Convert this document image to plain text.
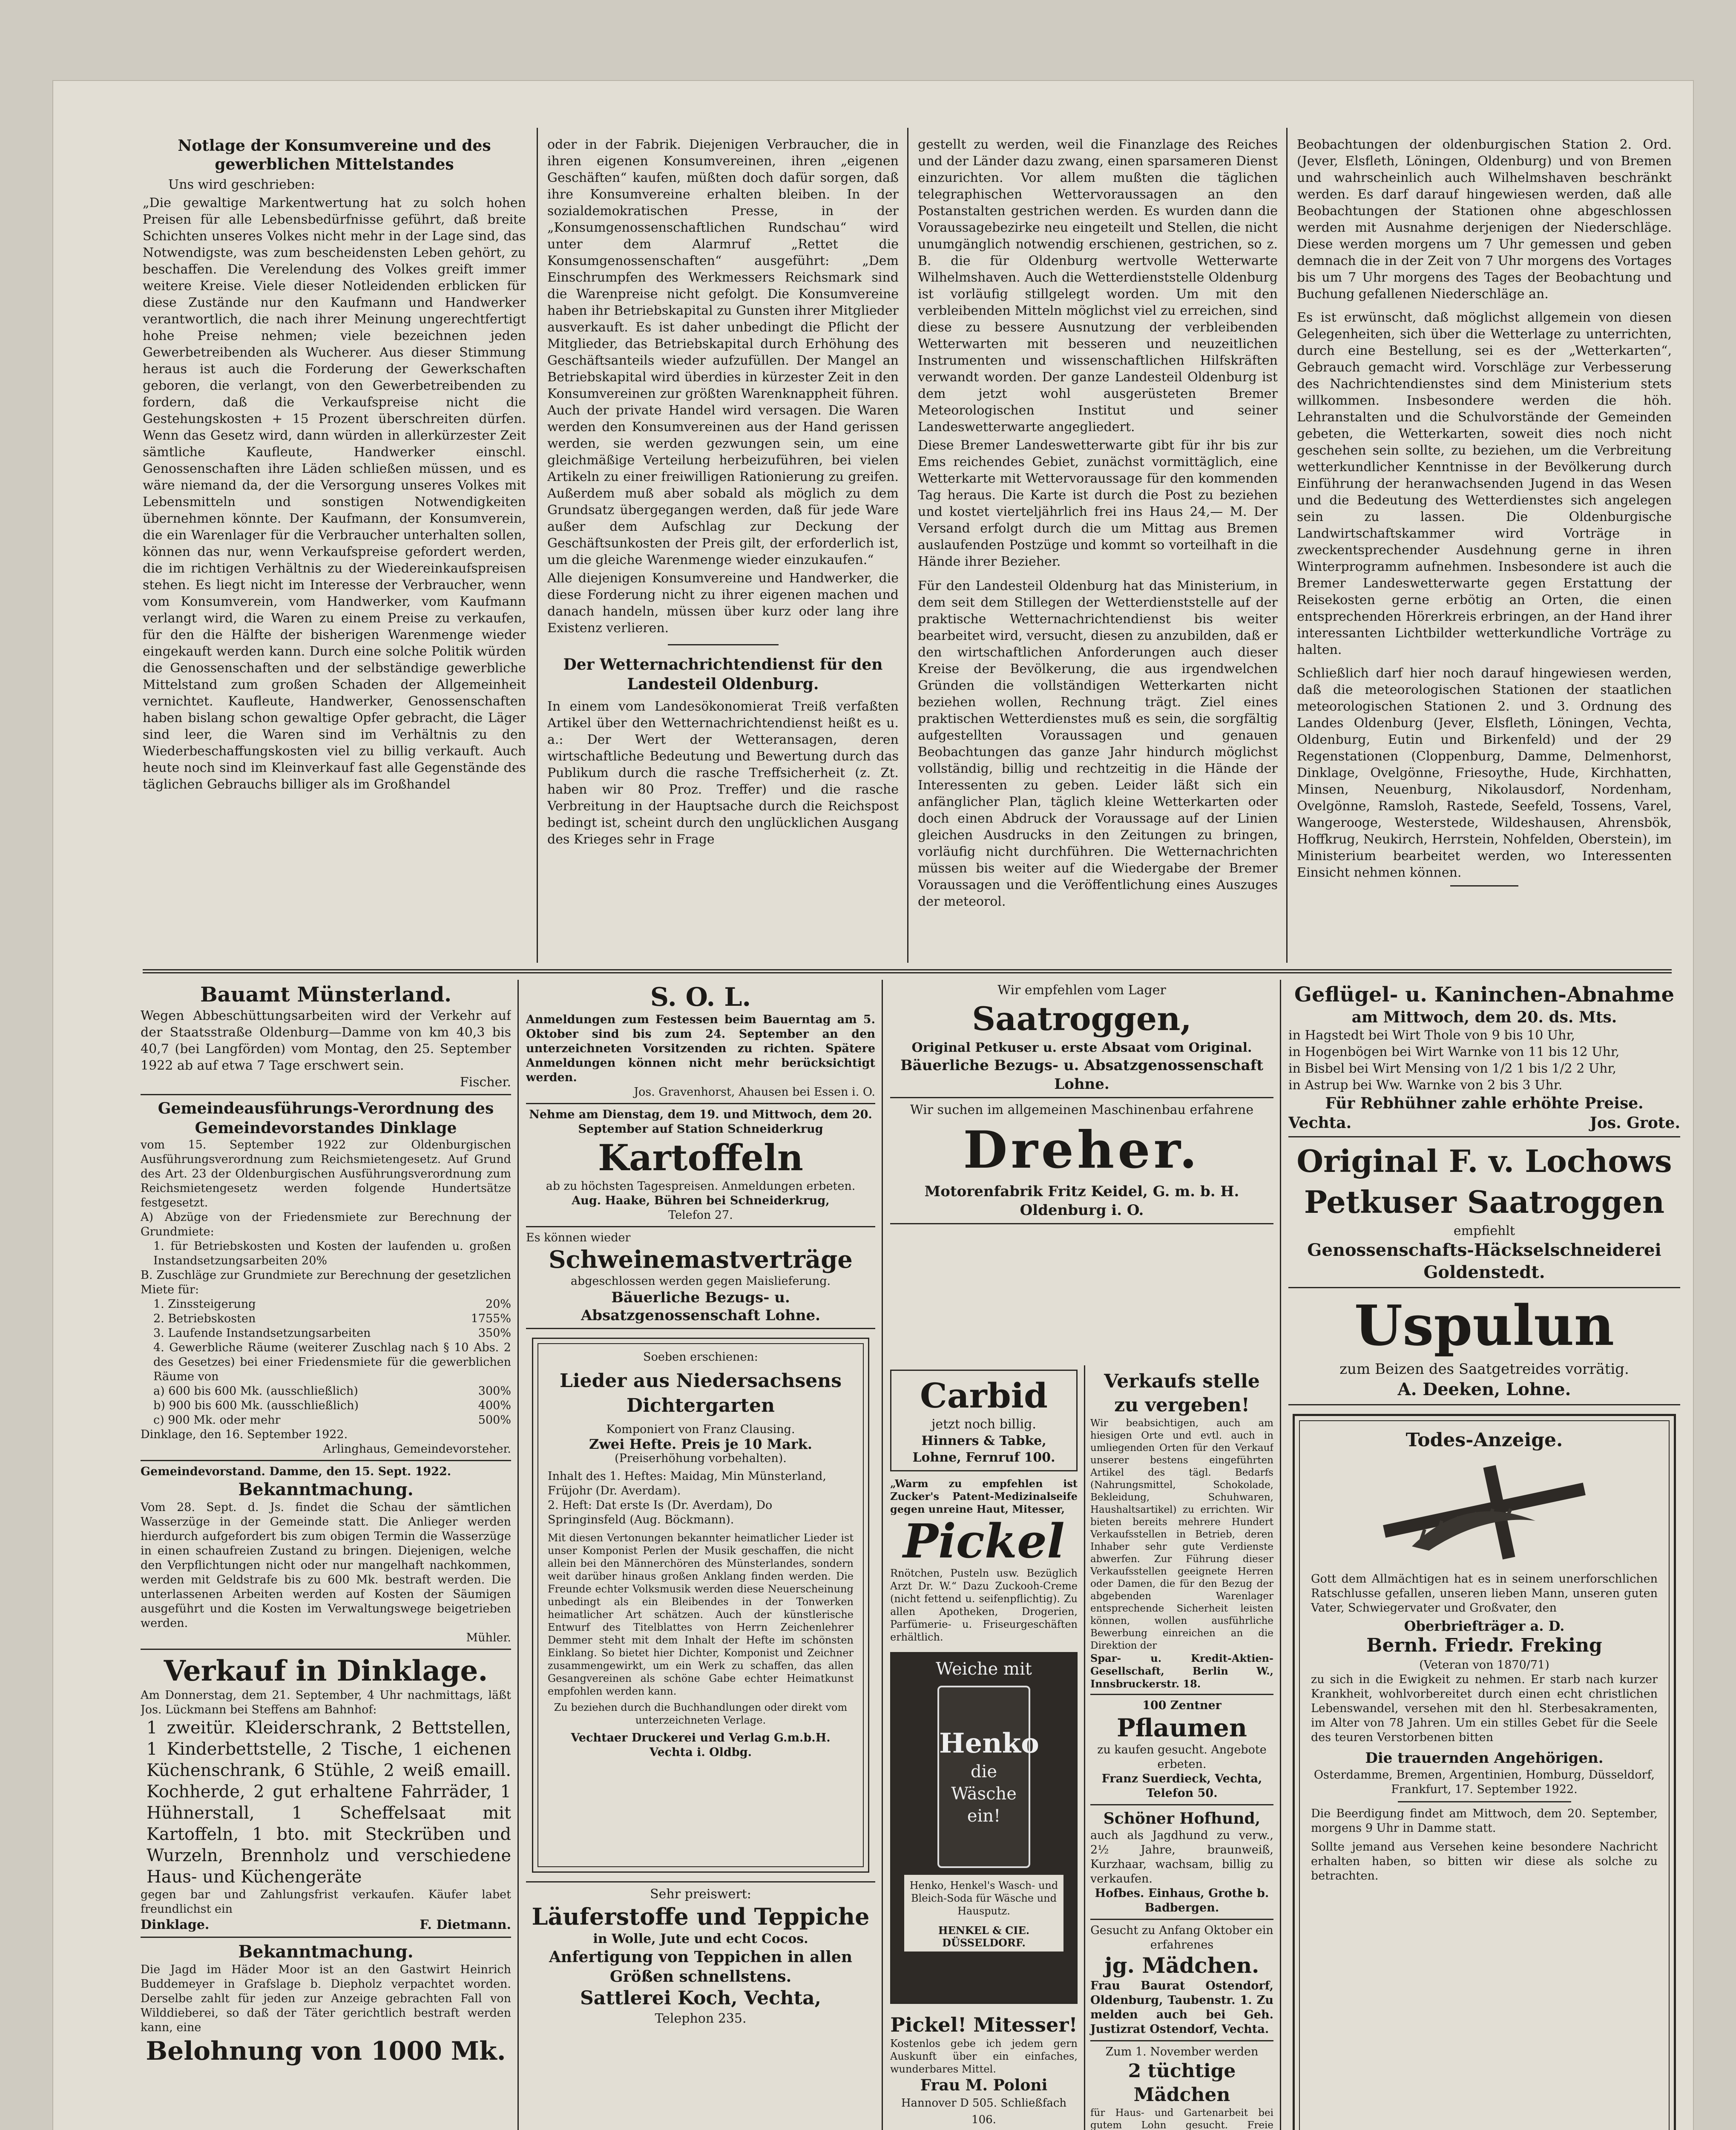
Notlage der Konsumvereine und des gewerblichen Mittelstandes

Uns wird geschrieben:

„Die gewaltige Markentwertung hat zu solch hohen Preisen für alle Lebensbedürfnisse geführt, daß breite Schichten unseres Volkes nicht mehr in der Lage sind, das Notwendigste, was zum bescheidensten Leben gehört, zu beschaffen. Die Verelendung des Volkes greift immer weitere Kreise. Viele dieser Notleidenden erblicken für diese Zustände nur den Kaufmann und Handwerker verantwortlich, die nach ihrer Meinung ungerechtfertigt hohe Preise nehmen; viele bezeichnen jeden Gewerbetreibenden als Wucherer. Aus dieser Stimmung heraus ist auch die Forderung der Gewerkschaften geboren, die verlangt, von den Gewerbetreibenden zu fordern, daß die Verkaufspreise nicht die Gestehungskosten + 15 Prozent überschreiten dürfen. Wenn das Gesetz wird, dann würden in allerkürzester Zeit sämtliche Kaufleute, Handwerker einschl. Genossenschaften ihre Läden schließen müssen, und es wäre niemand da, der die Versorgung unseres Volkes mit Lebensmitteln und sonstigen Notwendigkeiten übernehmen könnte. Der Kaufmann, der Konsumverein, die ein Warenlager für die Verbraucher unterhalten sollen, können das nur, wenn Verkaufspreise gefordert werden, die im richtigen Verhältnis zu der Wiedereinkaufspreisen stehen. Es liegt nicht im Interesse der Verbraucher, wenn vom Konsumverein, vom Handwerker, vom Kaufmann verlangt wird, die Waren zu einem Preise zu verkaufen, für den die Hälfte der bisherigen Warenmenge wieder eingekauft werden kann. Durch eine solche Politik würden die Genossenschaften und der selbständige gewerbliche Mittelstand zum großen Schaden der Allgemeinheit vernichtet. Kaufleute, Handwerker, Genossenschaften haben bislang schon gewaltige Opfer gebracht, die Läger sind leer, die Waren sind im Verhältnis zu den Wiederbeschaffungskosten viel zu billig verkauft. Auch heute noch sind im Kleinverkauf fast alle Gegenstände des täglichen Gebrauchs billiger als im Großhandel

oder in der Fabrik. Diejenigen Verbraucher, die in ihren eigenen Konsumvereinen, ihren „eigenen Geschäften“ kaufen, müßten doch dafür sorgen, daß ihre Konsumvereine erhalten bleiben. In der sozialdemokratischen Presse, in der „Konsumgenossenschaftlichen Rundschau“ wird unter dem Alarmruf „Rettet die Konsumgenossenschaften“ ausgeführt: „Dem Einschrumpfen des Werkmessers Reichsmark sind die Warenpreise nicht gefolgt. Die Konsumvereine haben ihr Betriebskapital zu Gunsten ihrer Mitglieder ausverkauft. Es ist daher unbedingt die Pflicht der Mitglieder, das Betriebskapital durch Erhöhung des Geschäftsanteils wieder aufzufüllen. Der Mangel an Betriebskapital wird überdies in kürzester Zeit in den Konsumvereinen zur größten Warenknappheit führen. Auch der private Handel wird versagen. Die Waren werden den Konsumvereinen aus der Hand gerissen werden, sie werden gezwungen sein, um eine gleichmäßige Verteilung herbeizuführen, bei vielen Artikeln zu einer freiwilligen Rationierung zu greifen. Außerdem muß aber sobald als möglich zu dem Grundsatz übergegangen werden, daß für jede Ware außer dem Aufschlag zur Deckung der Geschäftsunkosten der Preis gilt, der erforderlich ist, um die gleiche Warenmenge wieder einzukaufen.“

Alle diejenigen Konsumvereine und Handwerker, die diese Forderung nicht zu ihrer eigenen machen und danach handeln, müssen über kurz oder lang ihre Existenz verlieren.

Der Wetternachrichtendienst für den Landesteil Oldenburg.

In einem vom Landesökonomierat Treiß verfaßten Artikel über den Wetternachrichtendienst heißt es u. a.: Der Wert der Wetteransagen, deren wirtschaftliche Bedeutung und Bewertung durch das Publikum durch die rasche Treffsicherheit (z. Zt. haben wir 80 Proz. Treffer) und die rasche Verbreitung in der Hauptsache durch die Reichspost bedingt ist, scheint durch den unglücklichen Ausgang des Krieges sehr in Frage

gestellt zu werden, weil die Finanzlage des Reiches und der Länder dazu zwang, einen sparsameren Dienst einzurichten. Vor allem mußten die täglichen telegraphischen Wettervoraussagen an den Postanstalten gestrichen werden. Es wurden dann die Voraussagebezirke neu eingeteilt und Stellen, die nicht unumgänglich notwendig erschienen, gestrichen, so z. B. die für Oldenburg wertvolle Wetterwarte Wilhelmshaven. Auch die Wetterdienststelle Oldenburg ist vorläufig stillgelegt worden. Um mit den verbleibenden Mitteln möglichst viel zu erreichen, sind diese zu bessere Ausnutzung der verbleibenden Wetterwarten mit besseren und neuzeitlichen Instrumenten und wissenschaftlichen Hilfskräften verwandt worden. Der ganze Landesteil Oldenburg ist dem jetzt wohl ausgerüsteten Bremer Meteorologischen Institut und seiner Landeswetterwarte angegliedert.

Diese Bremer Landeswetterwarte gibt für ihr bis zur Ems reichendes Gebiet, zunächst vormittäglich, eine Wetterkarte mit Wettervoraussage für den kommenden Tag heraus. Die Karte ist durch die Post zu beziehen und kostet vierteljährlich frei ins Haus 24,— M. Der Versand erfolgt durch die um Mittag aus Bremen auslaufenden Postzüge und kommt so vorteilhaft in die Hände ihrer Bezieher.

Für den Landesteil Oldenburg hat das Ministerium, in dem seit dem Stillegen der Wetterdienststelle auf der praktische Wetternachrichtendienst bis weiter bearbeitet wird, versucht, diesen zu anzubilden, daß er den wirtschaftlichen Anforderungen auch dieser Kreise der Bevölkerung, die aus irgendwelchen Gründen die vollständigen Wetterkarten nicht beziehen wollen, Rechnung trägt. Ziel eines praktischen Wetterdienstes muß es sein, die sorgfältig aufgestellten Voraussagen und genauen Beobachtungen das ganze Jahr hindurch möglichst vollständig, billig und rechtzeitig in die Hände der Interessenten zu geben. Leider läßt sich ein anfänglicher Plan, täglich kleine Wetterkarten oder doch einen Abdruck der Voraussage auf der Linien gleichen Ausdrucks in den Zeitungen zu bringen, vorläufig nicht durchführen. Die Wetternachrichten müssen bis weiter auf die Wiedergabe der Bremer Voraussagen und die Veröffentlichung eines Auszuges der meteorol.

Beobachtungen der oldenburgischen Station 2. Ord. (Jever, Elsfleth, Löningen, Oldenburg) und von Bremen und wahrscheinlich auch Wilhelmshaven beschränkt werden. Es darf darauf hingewiesen werden, daß alle Beobachtungen der Stationen ohne abgeschlossen werden mit Ausnahme derjenigen der Niederschläge. Diese werden morgens um 7 Uhr gemessen und geben demnach die in der Zeit von 7 Uhr morgens des Vortages bis um 7 Uhr morgens des Tages der Beobachtung und Buchung gefallenen Niederschläge an.

Es ist erwünscht, daß möglichst allgemein von diesen Gelegenheiten, sich über die Wetterlage zu unterrichten, durch eine Bestellung, sei es der „Wetterkarten“, Gebrauch gemacht wird. Vorschläge zur Verbesserung des Nachrichtendienstes sind dem Ministerium stets willkommen. Insbesondere werden die höh. Lehranstalten und die Schulvorstände der Gemeinden gebeten, die Wetterkarten, soweit dies noch nicht geschehen sein sollte, zu beziehen, um die Verbreitung wetterkundlicher Kenntnisse in der Bevölkerung durch Einführung der heranwachsenden Jugend in das Wesen und die Bedeutung des Wetterdienstes sich angelegen sein zu lassen. Die Oldenburgische Landwirtschaftskammer wird Vorträge in zweckentsprechender Ausdehnung gerne in ihren Winterprogramm aufnehmen. Insbesondere ist auch die Bremer Landeswetterwarte gegen Erstattung der Reisekosten gerne erbötig an Orten, die einen entsprechenden Hörerkreis erbringen, an der Hand ihrer interessanten Lichtbilder wetterkundliche Vorträge zu halten.

Schließlich darf hier noch darauf hingewiesen werden, daß die meteorologischen Stationen der staatlichen meteorologischen Stationen 2. und 3. Ordnung des Landes Oldenburg (Jever, Elsfleth, Löningen, Vechta, Oldenburg, Eutin und Birkenfeld) und der 29 Regenstationen (Cloppenburg, Damme, Delmenhorst, Dinklage, Ovelgönne, Friesoythe, Hude, Kirchhatten, Minsen, Neuenburg, Nikolausdorf, Nordenham, Ovelgönne, Ramsloh, Rastede, Seefeld, Tossens, Varel, Wangerooge, Westerstede, Wildeshausen, Ahrensbök, Hoffkrug, Neukirch, Herrstein, Nohfelden, Oberstein), im Ministerium bearbeitet werden, wo Interessenten Einsicht nehmen können.

Bauamt Münsterland.
Wegen Abbeschüttungsarbeiten wird der Verkehr auf der Staatsstraße Oldenburg—Damme von km 40,3 bis 40,7 (bei Langförden) vom Montag, den 25. September 1922 ab auf etwa 7 Tage erschwert sein.
Fischer.
Gemeindeausführungs-Verordnung des Gemeindevorstandes Dinklage
vom 15. September 1922 zur Oldenburgischen Ausführungsverordnung zum Reichsmietengesetz. Auf Grund des Art. 23 der Oldenburgischen Ausführungsverordnung zum Reichsmietengesetz werden folgende Hundertsätze festgesetzt.
A) Abzüge von der Friedensmiete zur Berechnung der Grundmiete:
1. für Betriebskosten und Kosten der laufenden u. großen Instandsetzungsarbeiten 20%
B. Zuschläge zur Grundmiete zur Berechnung der gesetzlichen Miete für:
1. Zinssteigerung	20%
2. Betriebskosten	1755%
3. Laufende Instandsetzungsarbeiten	350%
4. Gewerbliche Räume (weiterer Zuschlag nach § 10 Abs. 2 des Gesetzes) bei einer Friedensmiete für die gewerblichen Räume von
a) 600 bis 600 Mk. (ausschließlich)	300%
b) 900 bis 600 Mk. (ausschließlich)	400%
c) 900 Mk. oder mehr	500%
Dinklage, den 16. September 1922.
Arlinghaus, Gemeindevorsteher.
Gemeindevorstand. Damme, den 15. Sept. 1922.
Bekanntmachung.
Vom 28. Sept. d. Js. findet die Schau der sämtlichen Wasserzüge in der Gemeinde statt. Die Anlieger werden hierdurch aufgefordert bis zum obigen Termin die Wasserzüge in einen schaufreien Zustand zu bringen. Diejenigen, welche den Verpflichtungen nicht oder nur mangelhaft nachkommen, werden mit Geldstrafe bis zu 600 Mk. bestraft werden. Die unterlassenen Arbeiten werden auf Kosten der Säumigen ausgeführt und die Kosten im Verwaltungswege beigetrieben werden.
Mühler.
Verkauf in Dinklage.
Am Donnerstag, dem 21. September, 4 Uhr nachmittags, läßt Jos. Lückmann bei Steffens am Bahnhof:
1 zweitür. Kleiderschrank, 2 Bettstellen, 1 Kinderbettstelle, 2 Tische, 1 eichenen Küchenschrank, 6 Stühle, 2 weiß emaill. Kochherde, 2 gut erhaltene Fahrräder, 1 Hühnerstall, 1 Scheffelsaat mit Kartoffeln, 1 bto. mit Steckrüben und Wurzeln, Brennholz und verschiedene Haus- und Küchengeräte
gegen bar und Zahlungsfrist verkaufen. Käufer labet freundlichst ein
Dinklage.	F. Dietmann.
Bekanntmachung.
Die Jagd im Häder Moor ist an den Gastwirt Heinrich Buddemeyer in Grafslage b. Diepholz verpachtet worden. Derselbe zahlt für jeden zur Anzeige gebrachten Fall von Wilddieberei, so daß der Täter gerichtlich bestraft werden kann, eine
Belohnung von 1000 Mk.
S. O. L.
Anmeldungen zum Festessen beim Bauerntag am 5. Oktober sind bis zum 24. September an den unterzeichneten Vorsitzenden zu richten. Spätere Anmeldungen können nicht mehr berücksichtigt werden.
Jos. Gravenhorst, Ahausen bei Essen i. O.
Nehme am Dienstag, dem 19. und Mittwoch, dem 20. September auf Station Schneiderkrug
Kartoffeln
ab zu höchsten Tagespreisen. Anmeldungen erbeten.
Aug. Haake, Bühren bei Schneiderkrug,
Telefon 27.
Es können wieder
Schweinemastverträge
abgeschlossen werden gegen Maislieferung.
Bäuerliche Bezugs- u. Absatzgenossenschaft Lohne.
Soeben erschienen:
Lieder aus Niedersachsens Dichtergarten
Komponiert von Franz Clausing.
Zwei Hefte. Preis je 10 Mark.
(Preiserhöhung vorbehalten).
Inhalt des 1. Heftes: Maidag, Min Münsterland, Früjohr (Dr. Averdam).
2. Heft: Dat erste Is (Dr. Averdam), Do Springinsfeld (Aug. Böckmann).
Mit diesen Vertonungen bekannter heimatlicher Lieder ist unser Komponist Perlen der Musik geschaffen, die nicht allein bei den Männerchören des Münsterlandes, sondern weit darüber hinaus großen Anklang finden werden. Die Freunde echter Volksmusik werden diese Neuerscheinung unbedingt als ein Bleibendes in der Tonwerken heimatlicher Art schätzen. Auch der künstlerische Entwurf des Titelblattes von Herrn Zeichenlehrer Demmer steht mit dem Inhalt der Hefte im schönsten Einklang. So bietet hier Dichter, Komponist und Zeichner zusammengewirkt, um ein Werk zu schaffen, das allen Gesangvereinen als schöne Gabe echter Heimatkunst empfohlen werden kann.
Zu beziehen durch die Buchhandlungen oder direkt vom unterzeichneten Verlage.
Vechtaer Druckerei und Verlag G.m.b.H. Vechta i. Oldbg.
Sehr preiswert:
Läuferstoffe und Teppiche
in Wolle, Jute und echt Cocos.
Anfertigung von Teppichen in allen Größen schnellstens.
Sattlerei Koch, Vechta,
Telephon 235.
Wir empfehlen vom Lager
Saatroggen,
Original Petkuser u. erste Absaat vom Original.
Bäuerliche Bezugs- u. Absatzgenossenschaft Lohne.
Wir suchen im allgemeinen Maschinenbau erfahrene
Dreher.
Motorenfabrik Fritz Keidel, G. m. b. H. Oldenburg i. O.
Carbid
jetzt noch billig.
Hinners & Tabke,
Lohne, Fernruf 100.
„Warm zu empfehlen ist Zucker's Patent-Medizinalseife gegen unreine Haut, Mitesser,
Pickel
Rnötchen, Pusteln usw. Bezüglich Arzt Dr. W.“ Dazu Zuckooh-Creme (nicht fettend u. seifenpflichtig). Zu allen Apotheken, Drogerien, Parfümerie- u. Friseurgeschäften erhältlich.
Weiche mit
Henko
die Wäsche ein!
Henko, Henkel's Wasch- und Bleich-Soda für Wäsche und Hausputz.
HENKEL & CIE. DÜSSELDORF.
Pickel! Mitesser!
Kostenlos gebe ich jedem gern Auskunft über ein einfaches, wunderbares Mittel.
Frau M. Poloni
Hannover D 505. Schließfach 106.
Verkaufs stelle zu vergeben!
Wir beabsichtigen, auch am hiesigen Orte und evtl. auch in umliegenden Orten für den Verkauf unserer bestens eingeführten Artikel des tägl. Bedarfs (Nahrungsmittel, Schokolade, Bekleidung, Schuhwaren, Haushaltsartikel) zu errichten. Wir bieten bereits mehrere Hundert Verkaufsstellen in Betrieb, deren Inhaber sehr gute Verdienste abwerfen. Zur Führung dieser Verkaufsstellen geeignete Herren oder Damen, die für den Bezug der abgebenden Warenlager entsprechende Sicherheit leisten können, wollen ausführliche Bewerbung einreichen an die Direktion der
Spar- u. Kredit-Aktien-Gesellschaft, Berlin W., Innsbruckerstr. 18.
100 Zentner
Pflaumen
zu kaufen gesucht. Angebote erbeten.
Franz Suerdieck, Vechta, Telefon 50.
Schöner Hofhund,
auch als Jagdhund zu verw., 2½ Jahre, braunweiß, Kurzhaar, wachsam, billig zu verkaufen.
Hofbes. Einhaus, Grothe b. Badbergen.
Gesucht zu Anfang Oktober ein erfahrenes
jg. Mädchen.
Frau Baurat Ostendorf, Oldenburg, Taubenstr. 1. Zu melden auch bei Geh. Justizrat Ostendorf, Vechta.
Zum 1. November werden
2 tüchtige Mädchen
für Haus- und Gartenarbeit bei gutem Lohn gesucht. Freie
Geflügel- u. Kaninchen-Abnahme
am Mittwoch, dem 20. ds. Mts.
in Hagstedt bei Wirt Thole von 9 bis 10 Uhr,
in Hogenbögen bei Wirt Warnke von 11 bis 12 Uhr,
in Bisbel bei Wirt Mensing von 1/2 1 bis 1/2 2 Uhr,
in Astrup bei Ww. Warnke von 2 bis 3 Uhr.
Für Rebhühner zahle erhöhte Preise.
Vechta.	Jos. Grote.
Original F. v. Lochows
Petkuser Saatroggen
empfiehlt
Genossenschafts-Häckselschneiderei Goldenstedt.
Uspulun
zum Beizen des Saatgetreides vorrätig.
A. Deeken, Lohne.
Todes-Anzeige.
Gott dem Allmächtigen hat es in seinem unerforschlichen Ratschlusse gefallen, unseren lieben Mann, unseren guten Vater, Schwiegervater und Großvater, den
Oberbriefträger a. D.
Bernh. Friedr. Freking
(Veteran von 1870/71)
zu sich in die Ewigkeit zu nehmen. Er starb nach kurzer Krankheit, wohlvorbereitet durch einen echt christlichen Lebenswandel, versehen mit den hl. Sterbesakramenten, im Alter von 78 Jahren. Um ein stilles Gebet für die Seele des teuren Verstorbenen bitten
Die trauernden Angehörigen.
Osterdamme, Bremen, Argentinien, Homburg, Düsseldorf, Frankfurt, 17. September 1922.
Die Beerdigung findet am Mittwoch, dem 20. September, morgens 9 Uhr in Damme statt.
Sollte jemand aus Versehen keine besondere Nachricht erhalten haben, so bitten wir diese als solche zu betrachten.
